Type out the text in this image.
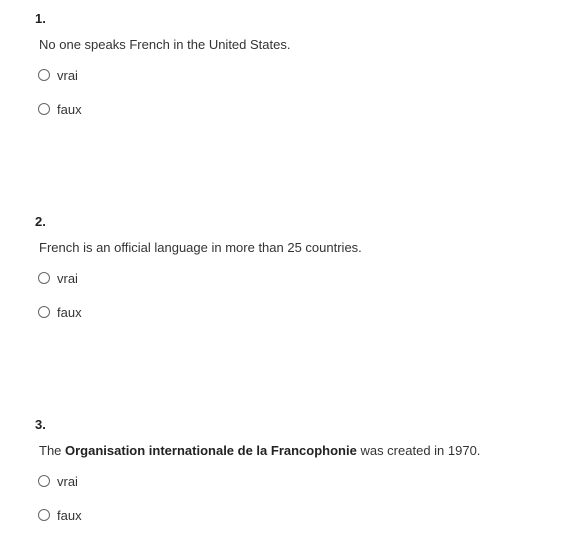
1.
No one speaks French in the United States.
vrai
faux
2.
French is an official language in more than 25 countries.
vrai
faux
3.
The Organisation internationale de la Francophonie was created in 1970.
vrai
faux
